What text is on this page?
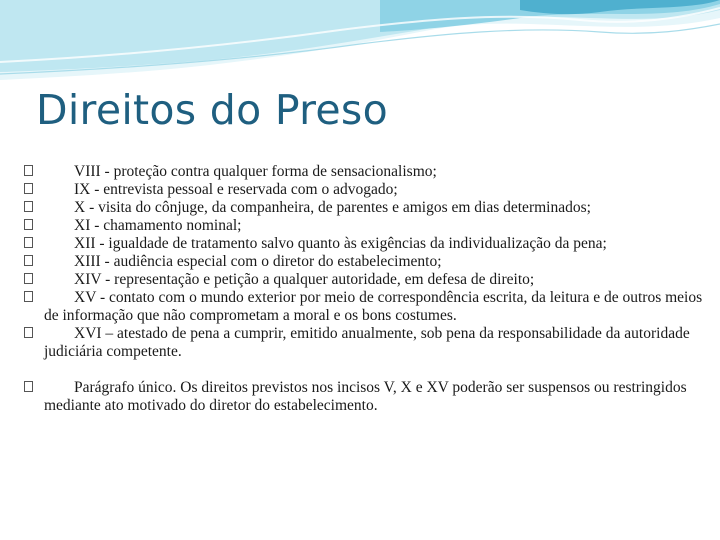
Direitos do Preso
VIII - proteção contra qualquer forma de sensacionalismo;
IX - entrevista pessoal e reservada com o advogado;
X - visita do cônjuge, da companheira, de parentes e amigos em dias determinados;
XI - chamamento nominal;
XII - igualdade de tratamento salvo quanto às exigências da individualização da pena;
XIII - audiência especial com o diretor do estabelecimento;
XIV - representação e petição a qualquer autoridade, em defesa de direito;
XV - contato com o mundo exterior por meio de correspondência escrita, da leitura e de outros meios de informação que não comprometam a moral e os bons costumes.
XVI – atestado de pena a cumprir, emitido anualmente, sob pena da responsabilidade da autoridade judiciária competente.
Parágrafo único. Os direitos previstos nos incisos V, X e XV poderão ser suspensos ou restringidos mediante ato motivado do diretor do estabelecimento.
